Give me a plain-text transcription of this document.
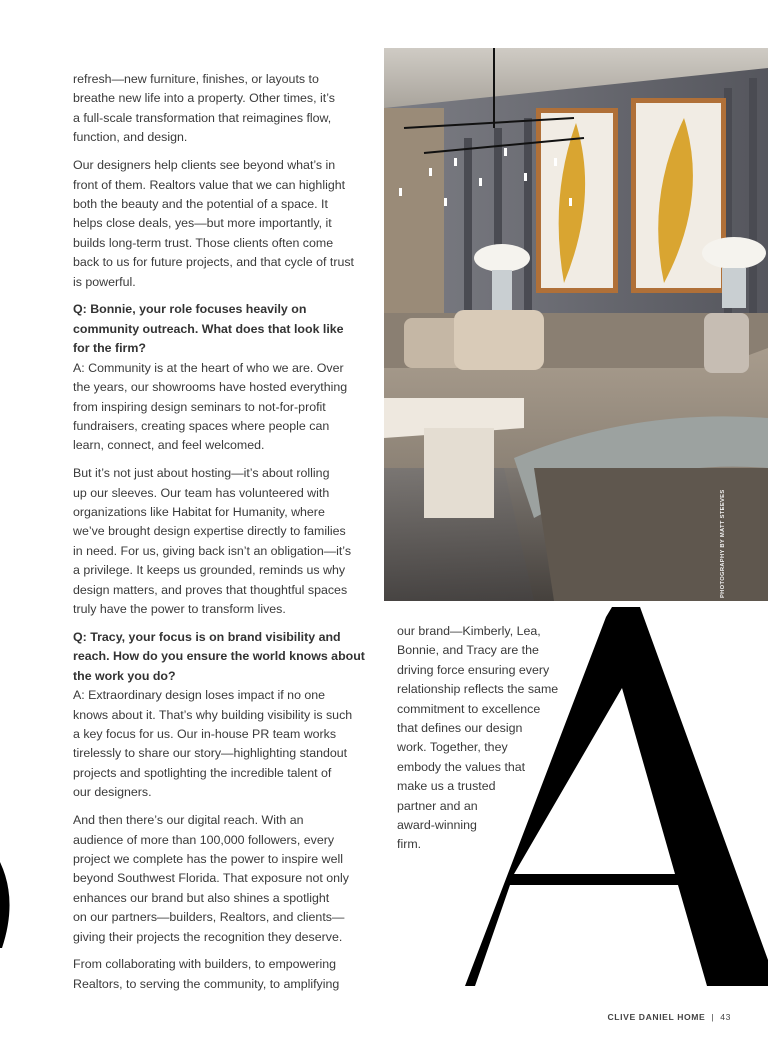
PHOTOGRAPHY BY MATT STEEVES
refresh—new furniture, finishes, or layouts to
breathe new life into a property. Other times, it’s
a full-scale transformation that reimagines flow,
function, and design.
Our designers help clients see beyond what’s in
front of them. Realtors value that we can highlight
both the beauty and the potential of a space. It
helps close deals, yes—but more importantly, it
builds long-term trust. Those clients often come
back to us for future projects, and that cycle of trust
is powerful.
Q: Bonnie, your role focuses heavily on
community outreach. What does that look like
for the firm?
A: Community is at the heart of who we are. Over
the years, our showrooms have hosted everything
from inspiring design seminars to not-for-profit
fundraisers, creating spaces where people can
learn, connect, and feel welcomed.
But it’s not just about hosting—it’s about rolling
up our sleeves. Our team has volunteered with
organizations like Habitat for Humanity, where
we’ve brought design expertise directly to families
in need. For us, giving back isn’t an obligation—it’s
a privilege. It keeps us grounded, reminds us why
design matters, and proves that thoughtful spaces
truly have the power to transform lives.
Q: Tracy, your focus is on brand visibility and
reach. How do you ensure the world knows about
the work you do?
A: Extraordinary design loses impact if no one
knows about it. That’s why building visibility is such
a key focus for us. Our in-house PR team works
tirelessly to share our story—highlighting standout
projects and spotlighting the incredible talent of
our designers.
And then there’s our digital reach. With an
audience of more than 100,000 followers, every
project we complete has the power to inspire well
beyond Southwest Florida. That exposure not only
enhances our brand but also shines a spotlight
on our partners—builders, Realtors, and clients—
giving their projects the recognition they deserve.
From collaborating with builders, to empowering
Realtors, to serving the community, to amplifying
our brand—Kimberly, Lea,
Bonnie, and Tracy are the
driving force ensuring every
relationship reflects the same
commitment to excellence
that defines our design
work. Together, they
embody the values that
make us a trusted
partner and an
award-winning
firm.
CLIVE DANIEL HOME | 43
